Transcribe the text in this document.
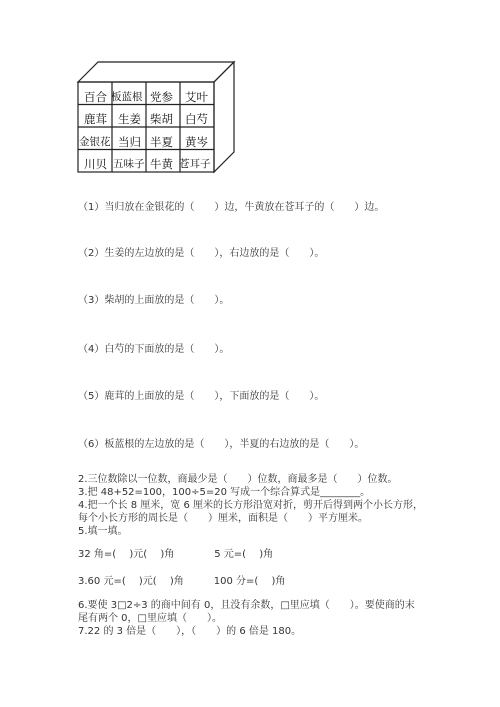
百合 板蓝根 党参 艾叶
鹿茸 生姜 柴胡 白芍
金银花 当归 半夏 黄岑
川贝 五味子 牛黄 苍耳子
（1）当归放在金银花的（　　）边，牛黄放在苍耳子的（　　）边。
（2）生姜的左边放的是（　　），右边放的是（　　）。
（3）柴胡的上面放的是（　　）。
（4）白芍的下面放的是（　　）。
（5）鹿茸的上面放的是（　　），下面放的是（　　）。
（6）板蓝根的左边放的是（　　），半夏的右边放的是（　　）。
2.三位数除以一位数，商最少是（　　）位数，商最多是（　　）位数。
3.把 48+52=100，100÷5=20 写成一个综合算式是________。
4.把一个长 8 厘米，宽 6 厘米的长方形沿宽对折，剪开后得到两个小长方形，
每个小长方形的周长是（　　）厘米，面积是（　　）平方厘米。
5.填一填。
32 角=(　 )元(　 )角　　　　5 元=(　 )角
3.60 元=(　 )元(　 )角　　　100 分=(　 )角
6.要使 3□2÷3 的商中间有 0，且没有余数，□里应填（　　）。要使商的末
尾有两个 0，□里应填（　　）。
7.22 的 3 倍是（　　），（　　）的 6 倍是 180。
